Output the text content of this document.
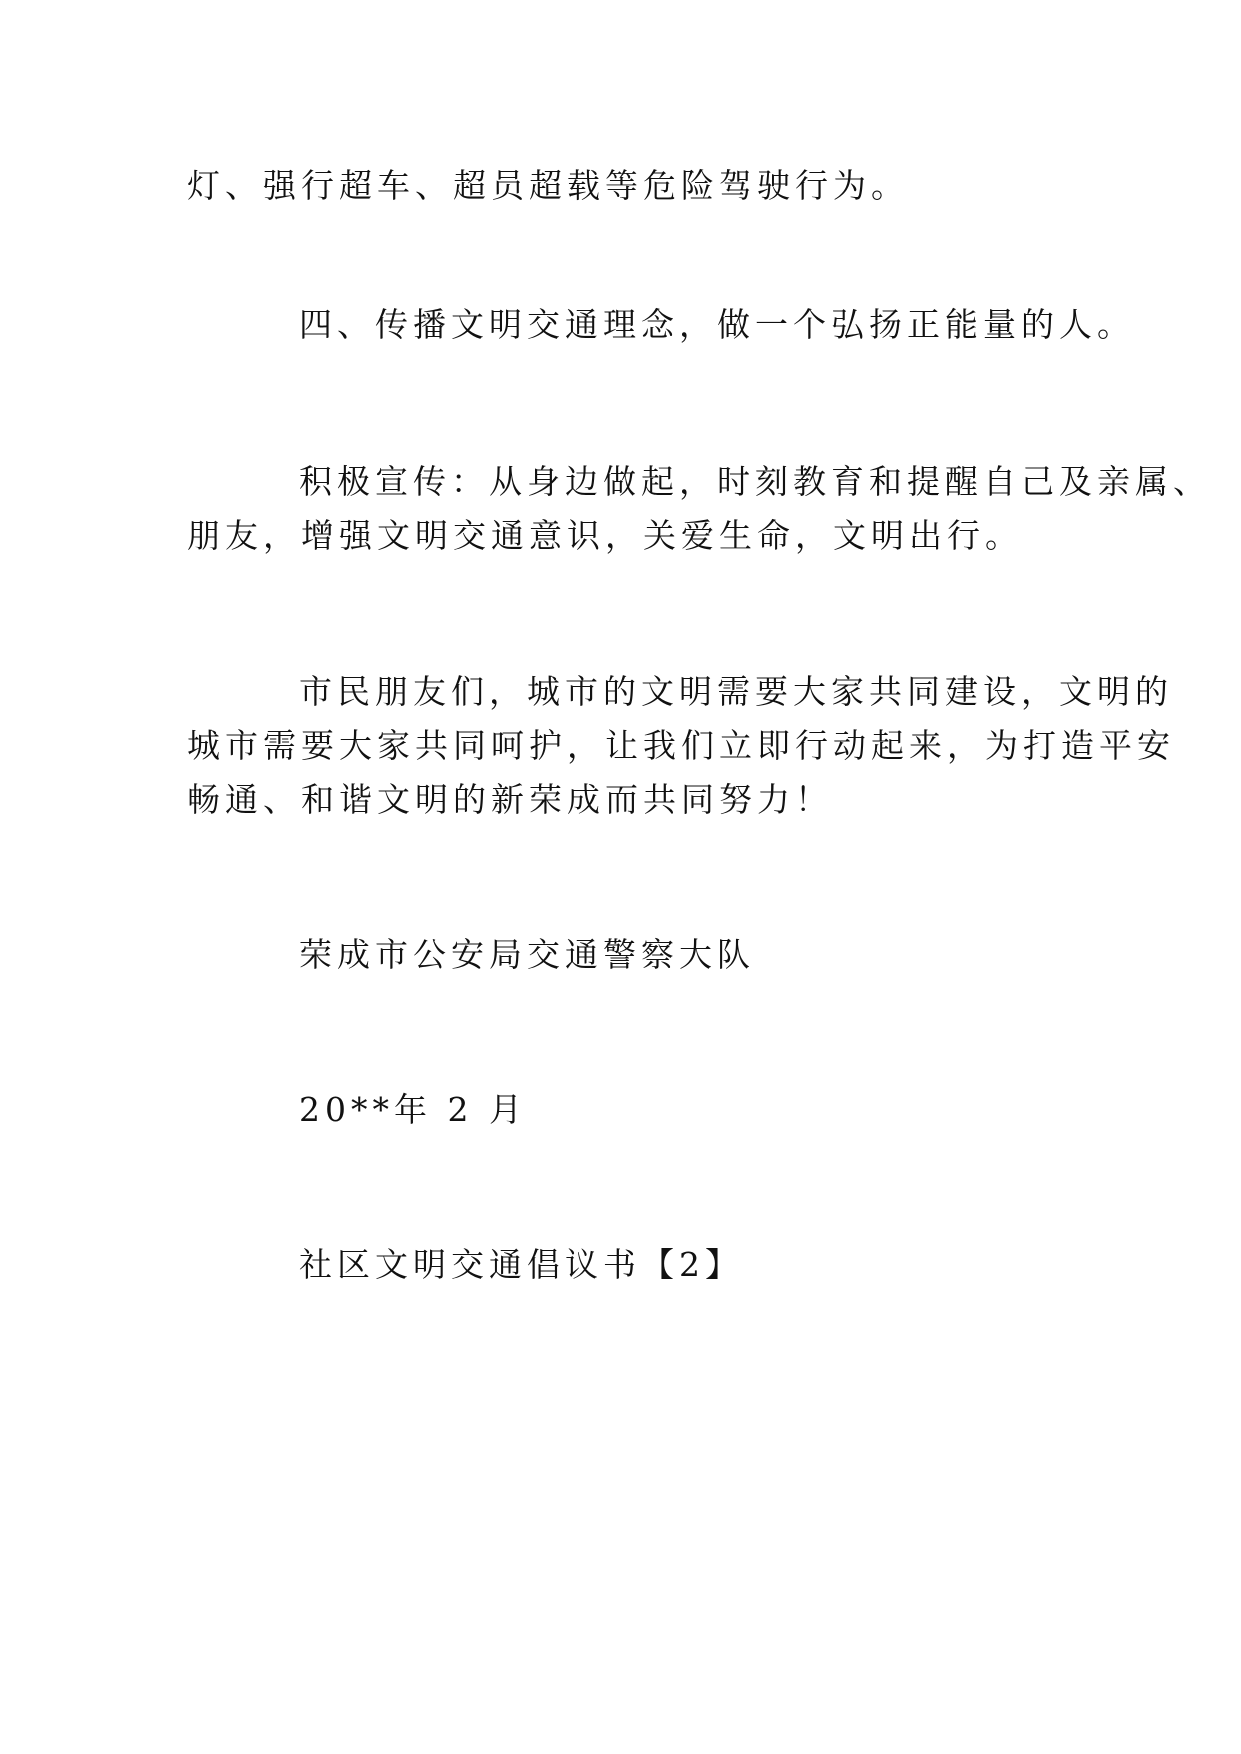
灯、强行超车、超员超载等危险驾驶行为。
四、传播文明交通理念，做一个弘扬正能量的人。
积极宣传：从身边做起，时刻教育和提醒自己及亲属、
朋友，增强文明交通意识，关爱生命，文明出行。
市民朋友们，城市的文明需要大家共同建设，文明的
城市需要大家共同呵护，让我们立即行动起来，为打造平安
畅通、和谐文明的新荣成而共同努力！
荣成市公安局交通警察大队
20**年 2 月
社区文明交通倡议书【2】
